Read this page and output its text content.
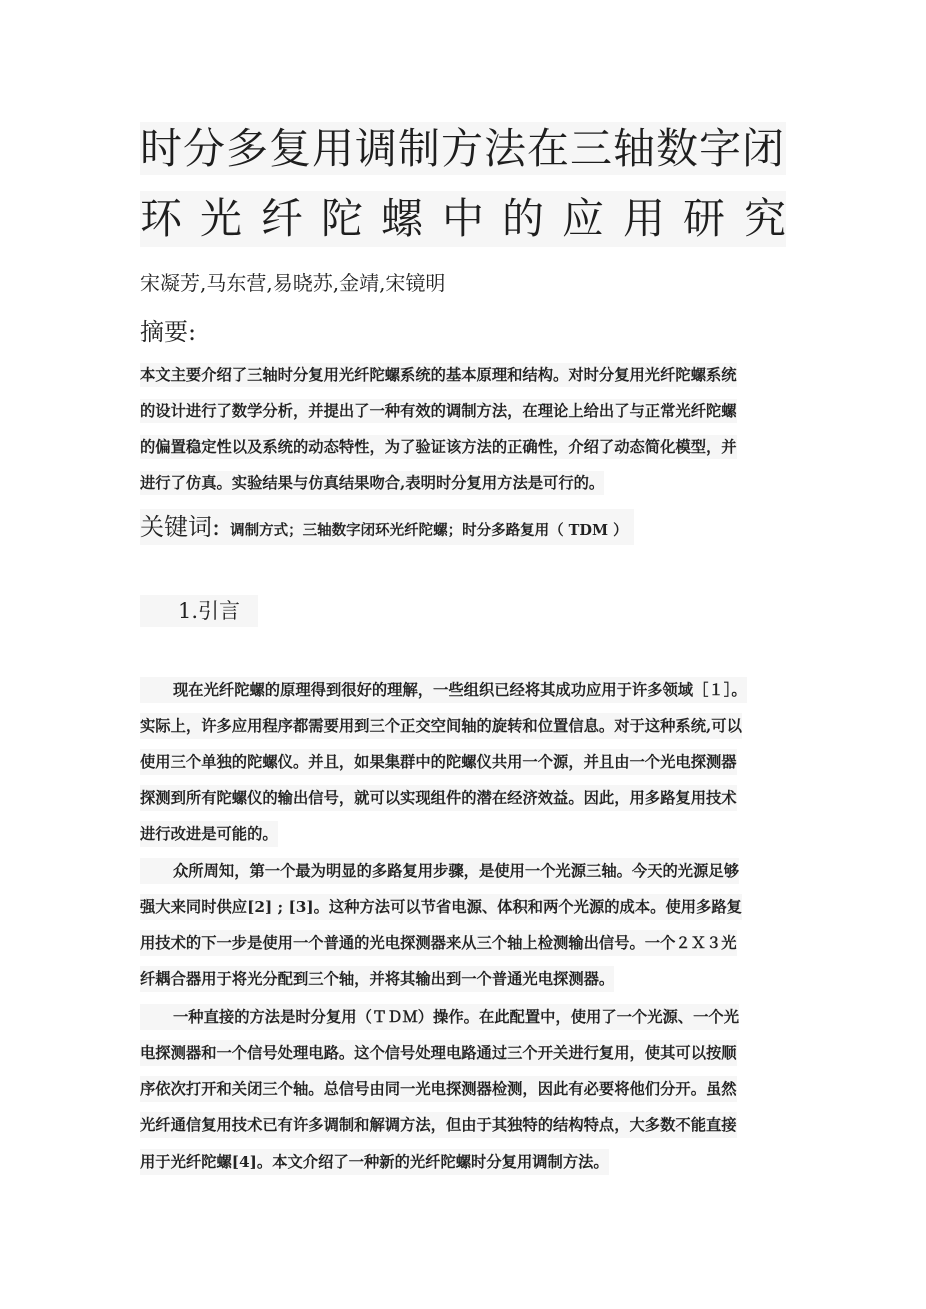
时分多复用调制方法在三轴数字闭
环 光 纤 陀 螺 中 的 应 用 研 究
宋凝芳,马东营,易晓苏,金靖,宋镜明
摘要:
本文主要介绍了三轴时分复用光纤陀螺系统的基本原理和结构。对时分复用光纤陀螺系统
的设计进行了数学分析，并提出了一种有效的调制方法，在理论上给出了与正常光纤陀螺
的偏置稳定性以及系统的动态特性，为了验证该方法的正确性，介绍了动态简化模型，并
进行了仿真。实验结果与仿真结果吻合,表明时分复用方法是可行的。
关键词: 调制方式；三轴数字闭环光纤陀螺；时分多路复用（ TDM ）
1.引言
现在光纤陀螺的原理得到很好的理解，一些组织已经将其成功应用于许多领域［１］。
实际上，许多应用程序都需要用到三个正交空间轴的旋转和位置信息。对于这种系统,可以
使用三个单独的陀螺仪。并且，如果集群中的陀螺仪共用一个源，并且由一个光电探测器
探测到所有陀螺仪的输出信号，就可以实现组件的潜在经济效益。因此，用多路复用技术
进行改进是可能的。
众所周知，第一个最为明显的多路复用步骤，是使用一个光源三轴。今天的光源足够
强大来同时供应[2] ; [3]。这种方法可以节省电源、体积和两个光源的成本。使用多路复
用技术的下一步是使用一个普通的光电探测器来从三个轴上检测输出信号。一个２Ｘ３光
纤耦合器用于将光分配到三个轴，并将其输出到一个普通光电探测器。
一种直接的方法是时分复用（ＴＤＭ）操作。在此配置中，使用了一个光源、一个光
电探测器和一个信号处理电路。这个信号处理电路通过三个开关进行复用，使其可以按顺
序依次打开和关闭三个轴。总信号由同一光电探测器检测，因此有必要将他们分开。虽然
光纤通信复用技术已有许多调制和解调方法，但由于其独特的结构特点，大多数不能直接
用于光纤陀螺[4]。本文介绍了一种新的光纤陀螺时分复用调制方法。
